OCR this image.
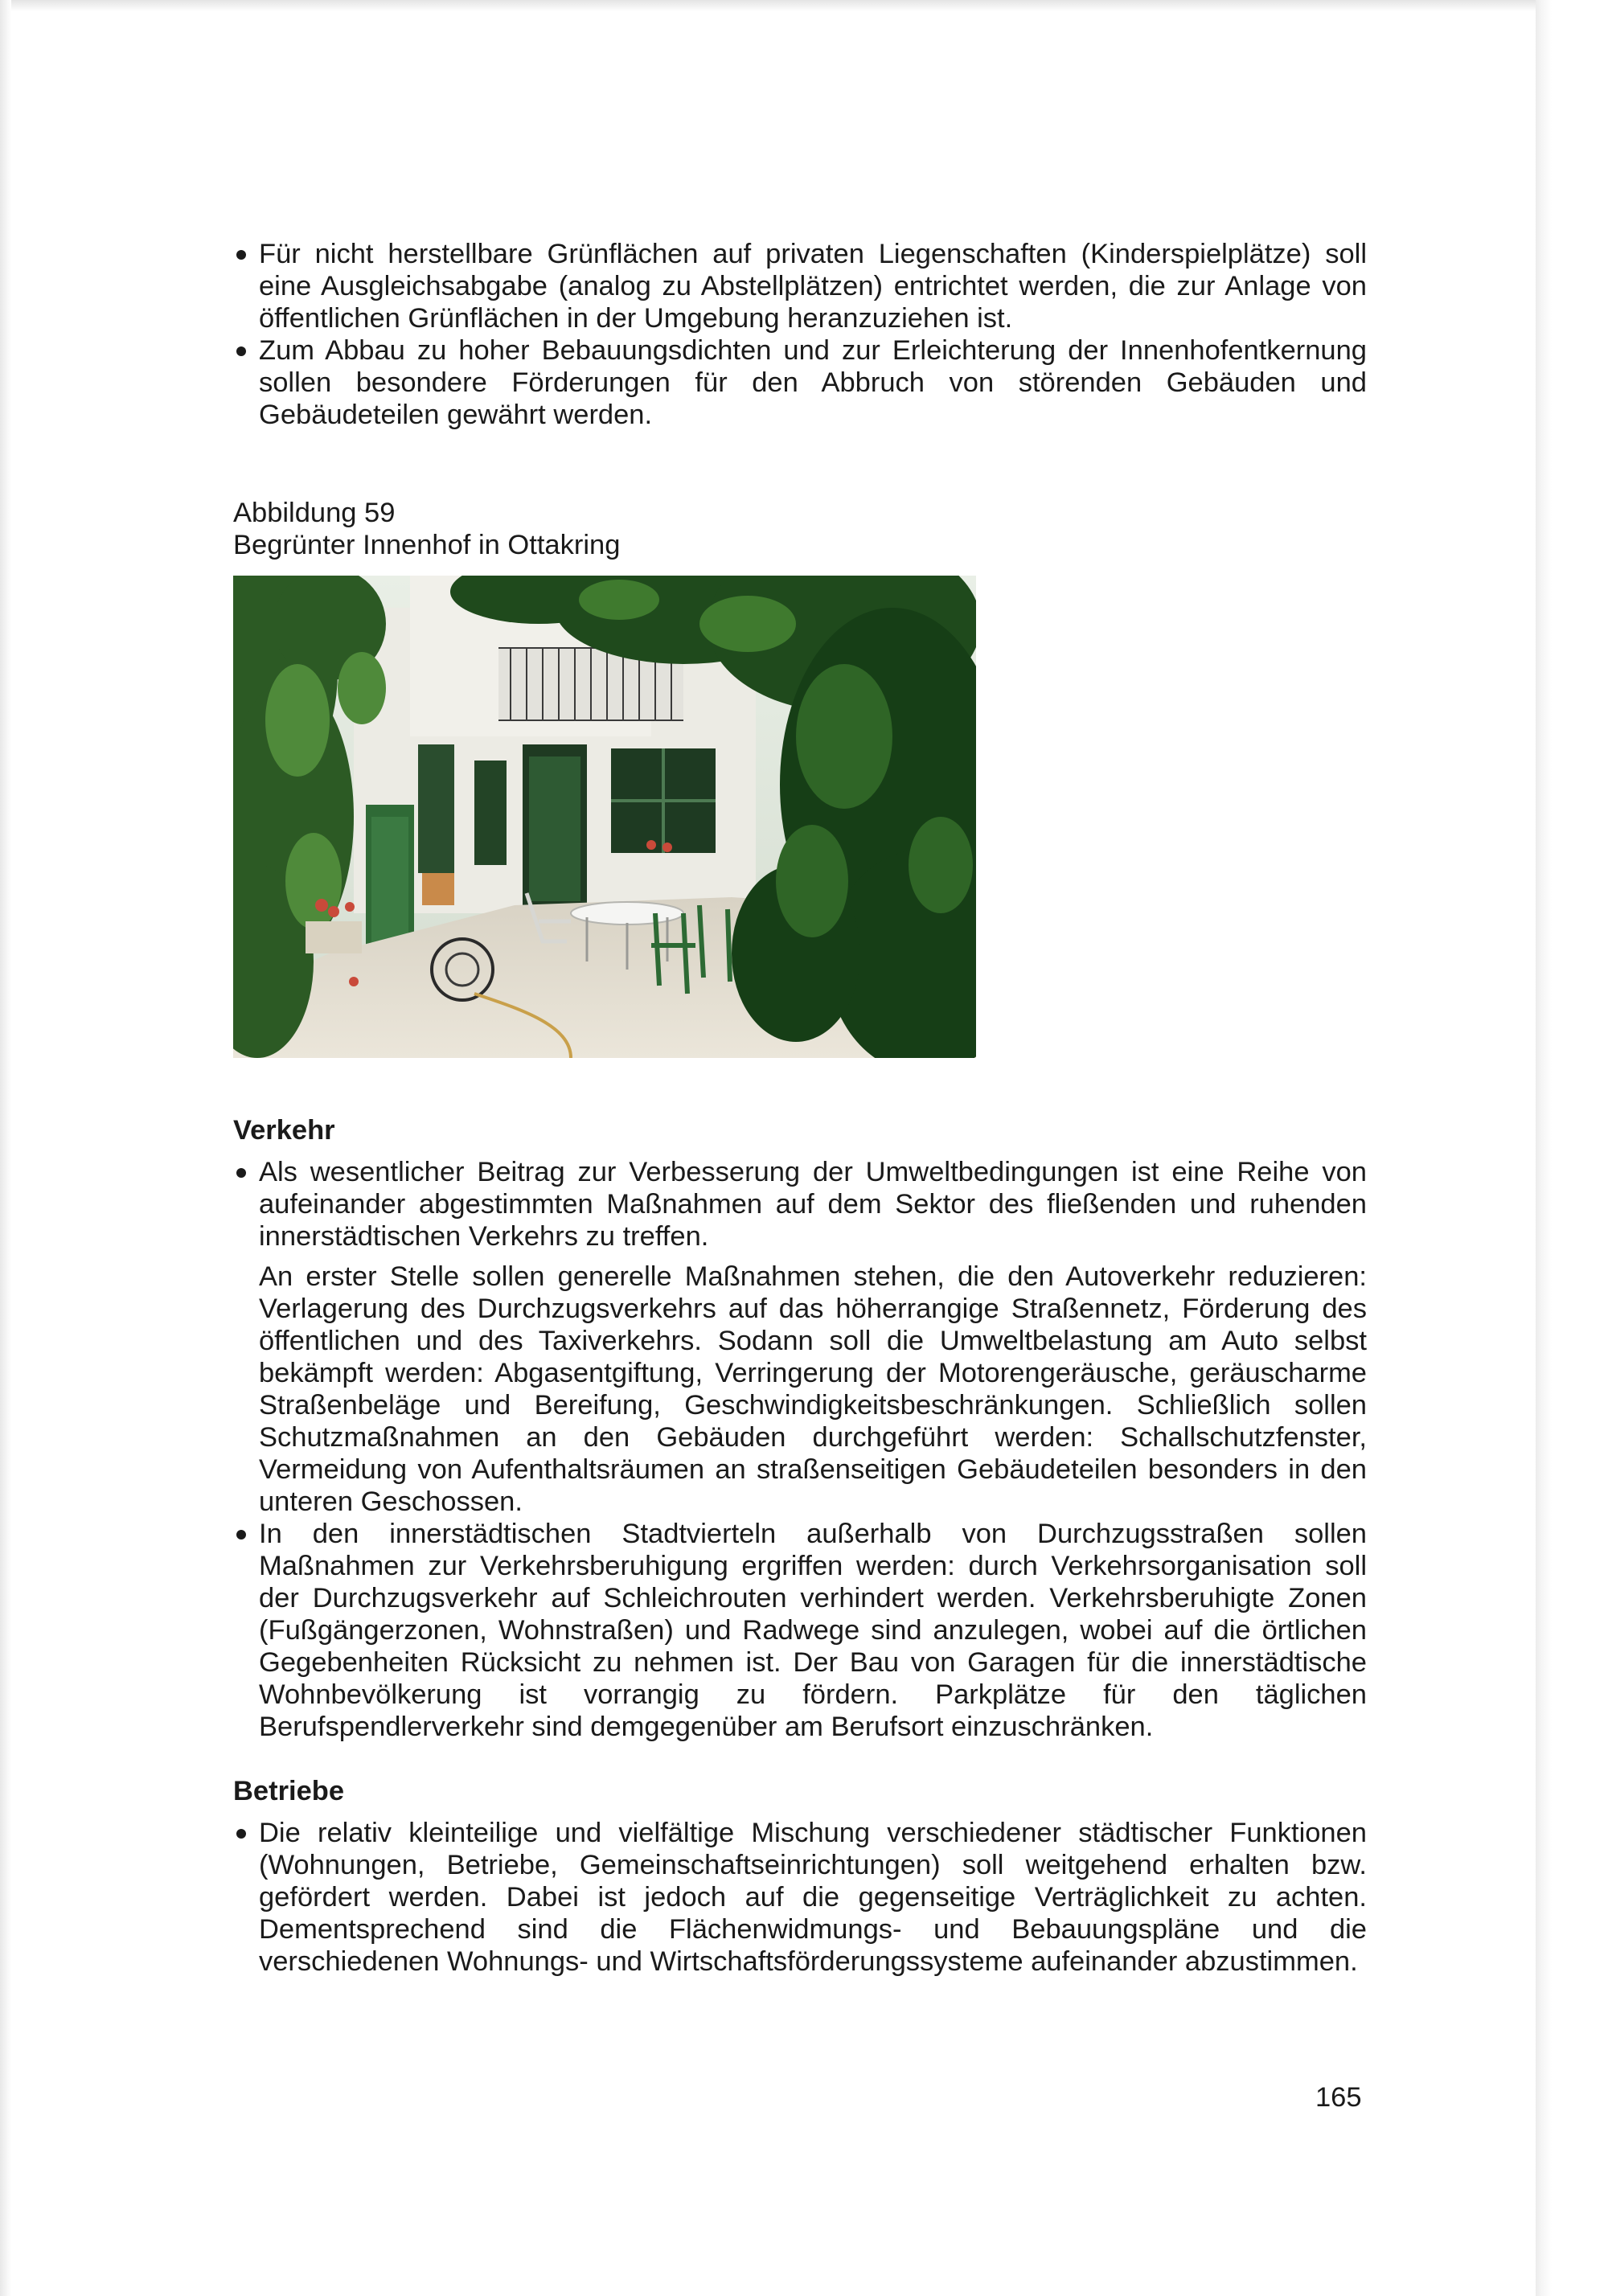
Für nicht herstellbare Grünflächen auf privaten Liegenschaften (Kinderspielplätze) soll eine Ausgleichsabgabe (analog zu Abstellplätzen) entrichtet werden, die zur Anlage von öffentlichen Grünflächen in der Umgebung heranzuziehen ist.

Zum Abbau zu hoher Bebauungsdichten und zur Erleichterung der Innenhofentkernung sollen besondere Förderungen für den Abbruch von störenden Gebäuden und Gebäudeteilen gewährt werden.

Abbildung 59

Begrünter Innenhof in Ottakring

Verkehr

Als wesentlicher Beitrag zur Verbesserung der Umweltbedingungen ist eine Reihe von aufeinander abgestimmten Maßnahmen auf dem Sektor des fließenden und ruhenden innerstädtischen Verkehrs zu treffen.

An erster Stelle sollen generelle Maßnahmen stehen, die den Autoverkehr reduzieren: Verlagerung des Durchzugsverkehrs auf das höherrangige Straßennetz, Förderung des öffentlichen und des Taxiverkehrs. Sodann soll die Umweltbelastung am Auto selbst bekämpft werden: Abgasentgiftung, Verringerung der Motorengeräusche, geräuscharme Straßenbeläge und Bereifung, Geschwindigkeitsbeschränkungen. Schließlich sollen Schutzmaßnahmen an den Gebäuden durchgeführt werden: Schallschutzfenster, Vermeidung von Aufenthaltsräumen an straßenseitigen Gebäudeteilen besonders in den unteren Geschossen.

In den innerstädtischen Stadtvierteln außerhalb von Durchzugsstraßen sollen Maßnahmen zur Verkehrsberuhigung ergriffen werden: durch Verkehrsorganisation soll der Durchzugsverkehr auf Schleichrouten verhindert werden. Verkehrsberuhigte Zonen (Fußgängerzonen, Wohnstraßen) und Radwege sind anzulegen, wobei auf die örtlichen Gegebenheiten Rücksicht zu nehmen ist. Der Bau von Garagen für die innerstädtische Wohnbevölkerung ist vorrangig zu fördern. Parkplätze für den täglichen Berufspendlerverkehr sind demgegenüber am Berufsort einzuschränken.

Betriebe

Die relativ kleinteilige und vielfältige Mischung verschiedener städtischer Funktionen (Wohnungen, Betriebe, Gemeinschaftseinrichtungen) soll weitgehend erhalten bzw. gefördert werden. Dabei ist jedoch auf die gegenseitige Verträglichkeit zu achten. Dementsprechend sind die Flächenwidmungs- und Bebauungspläne und die verschiedenen Wohnungs- und Wirtschaftsförderungssysteme aufeinander abzustimmen.

165
